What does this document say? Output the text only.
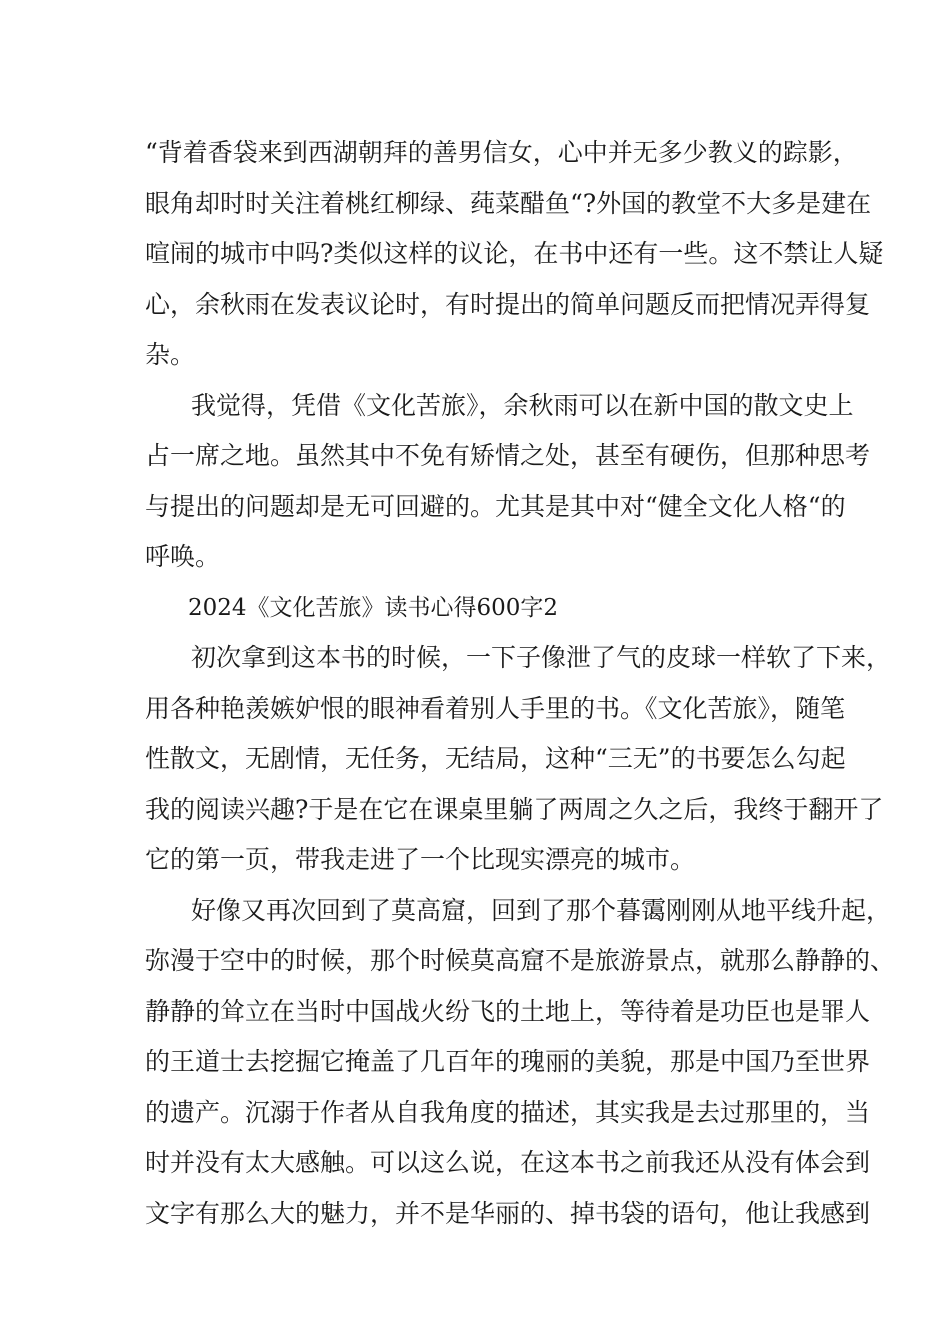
“背着香袋来到西湖朝拜的善男信女，心中并无多少教义的踪影，
眼角却时时关注着桃红柳绿、莼菜醋鱼“?外国的教堂不大多是建在
喧闹的城市中吗?类似这样的议论，在书中还有一些。这不禁让人疑
心，余秋雨在发表议论时，有时提出的简单问题反而把情况弄得复
杂。
我觉得，凭借《文化苦旅》，余秋雨可以在新中国的散文史上
占一席之地。虽然其中不免有矫情之处，甚至有硬伤，但那种思考
与提出的问题却是无可回避的。尤其是其中对“健全文化人格“的
呼唤。
2024《文化苦旅》读书心得600字2
初次拿到这本书的时候，一下子像泄了气的皮球一样软了下来，
用各种艳羡嫉妒恨的眼神看着别人手里的书。《文化苦旅》，随笔
性散文，无剧情，无任务，无结局，这种“三无”的书要怎么勾起
我的阅读兴趣?于是在它在课桌里躺了两周之久之后，我终于翻开了
它的第一页，带我走进了一个比现实漂亮的城市。
好像又再次回到了莫高窟，回到了那个暮霭刚刚从地平线升起，
弥漫于空中的时候，那个时候莫高窟不是旅游景点，就那么静静的、
静静的耸立在当时中国战火纷飞的土地上，等待着是功臣也是罪人
的王道士去挖掘它掩盖了几百年的瑰丽的美貌，那是中国乃至世界
的遗产。沉溺于作者从自我角度的描述，其实我是去过那里的，当
时并没有太大感触。可以这么说，在这本书之前我还从没有体会到
文字有那么大的魅力，并不是华丽的、掉书袋的语句，他让我感到
